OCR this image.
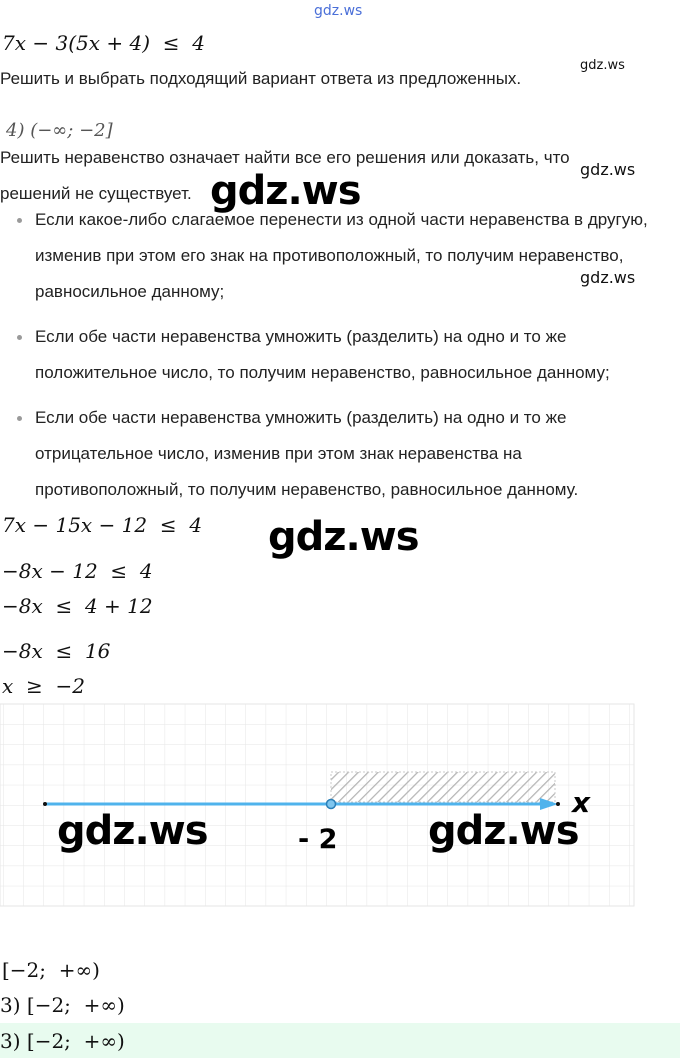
gdz.ws
7x − 3(5x + 4)  ≤  4
gdz.ws
Решить и выбрать подходящий вариант ответа из предложенных.
4) (−∞; −2]
Решить неравенство означает найти все его решения или доказать, что решений не существует.
gdz.ws
gdz.ws
Если какое-либо слагаемое перенести из одной части неравенства в другую, изменив при этом его знак на противоположный, то получим неравенство, равносильное данному;
Если обе части неравенства умножить (разделить) на одно и то же положительное число, то получим неравенство, равносильное данному;
Если обе части неравенства умножить (разделить) на одно и то же отрицательное число, изменив при этом знак неравенства на противоположный, то получим неравенство, равносильное данному.
gdz.ws
7x − 15x − 12  ≤  4 gdz.ws
−8x − 12  ≤  4
−8x  ≤  4 + 12
−8x  ≤  16
x  ≥  −2
- 2
x
gdz.ws	gdz.ws
[−2;  +∞)
3) [−2;  +∞)
3) [−2;  +∞)
